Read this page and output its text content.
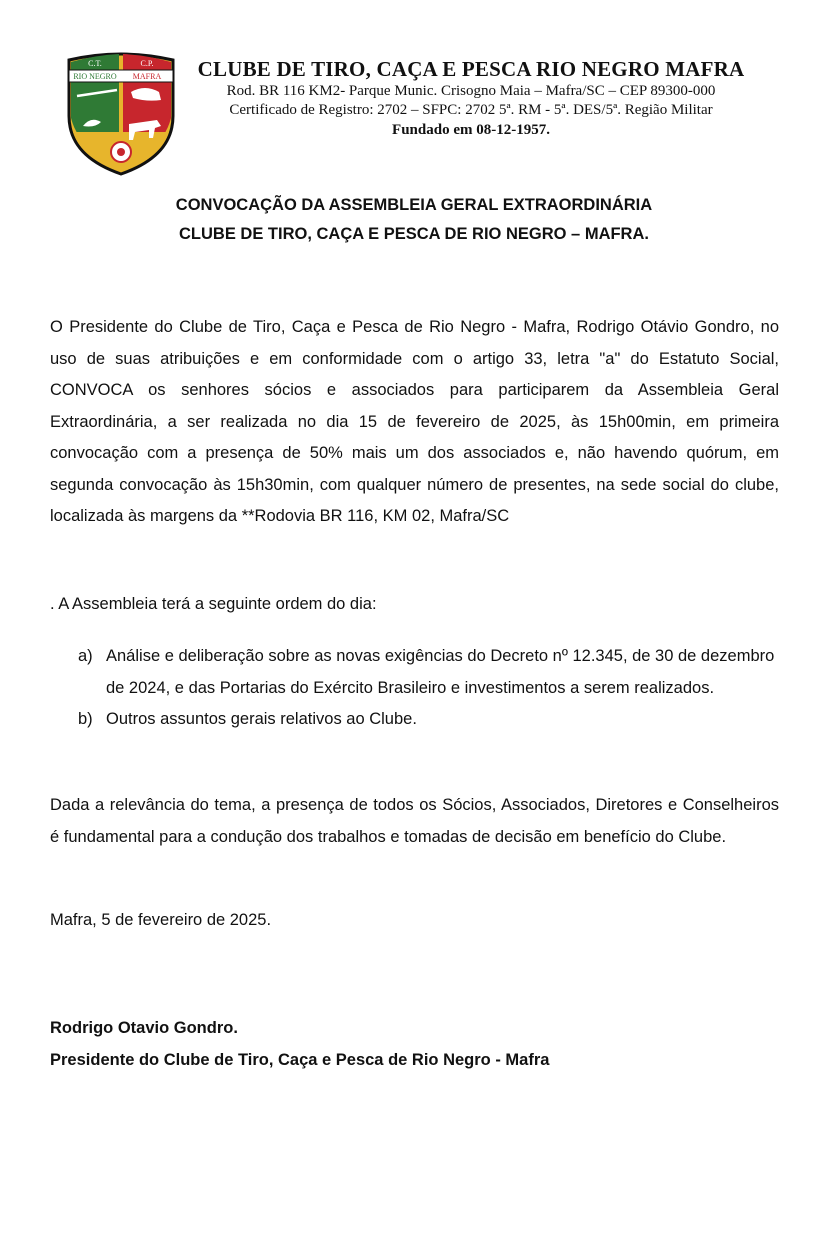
C.T.	C.P.
RIO NEGRO MAFRA	CLUBE DE TIRO, CAÇA E PESCA RIO NEGRO MAFRA
Rod. BR 116 KM2- Parque Munic. Crisogno Maia – Mafra/SC – CEP 89300-000
Certificado de Registro: 2702 – SFPC: 2702 5ª. RM - 5ª. DES/5ª. Região Militar
Fundado em 08-12-1957.
CONVOCAÇÃO DA ASSEMBLEIA GERAL EXTRAORDINÁRIA
CLUBE DE TIRO, CAÇA E PESCA DE RIO NEGRO – MAFRA.

O Presidente do Clube de Tiro, Caça e Pesca de Rio Negro - Mafra, Rodrigo Otávio Gondro, no uso de suas atribuições e em conformidade com o artigo 33, letra "a" do Estatuto Social, CONVOCA os senhores sócios e associados para participarem da Assembleia Geral Extraordinária, a ser realizada no dia 15 de fevereiro de 2025, às 15h00min, em primeira convocação com a presença de 50% mais um dos associados e, não havendo quórum, em segunda convocação às 15h30min, com qualquer número de presentes, na sede social do clube, localizada às margens da **Rodovia BR 116, KM 02, Mafra/SC

. A Assembleia terá a seguinte ordem do dia:

a) Análise e deliberação sobre as novas exigências do Decreto nº 12.345, de 30 de dezembro de 2024, e das Portarias do Exército Brasileiro e investimentos a serem realizados.
b) Outros assuntos gerais relativos ao Clube.

Dada a relevância do tema, a presença de todos os Sócios, Associados, Diretores e Conselheiros é fundamental para a condução dos trabalhos e tomadas de decisão em benefício do Clube.

Mafra, 5 de fevereiro de 2025.

Rodrigo Otavio Gondro.
Presidente do Clube de Tiro, Caça e Pesca de Rio Negro - Mafra
